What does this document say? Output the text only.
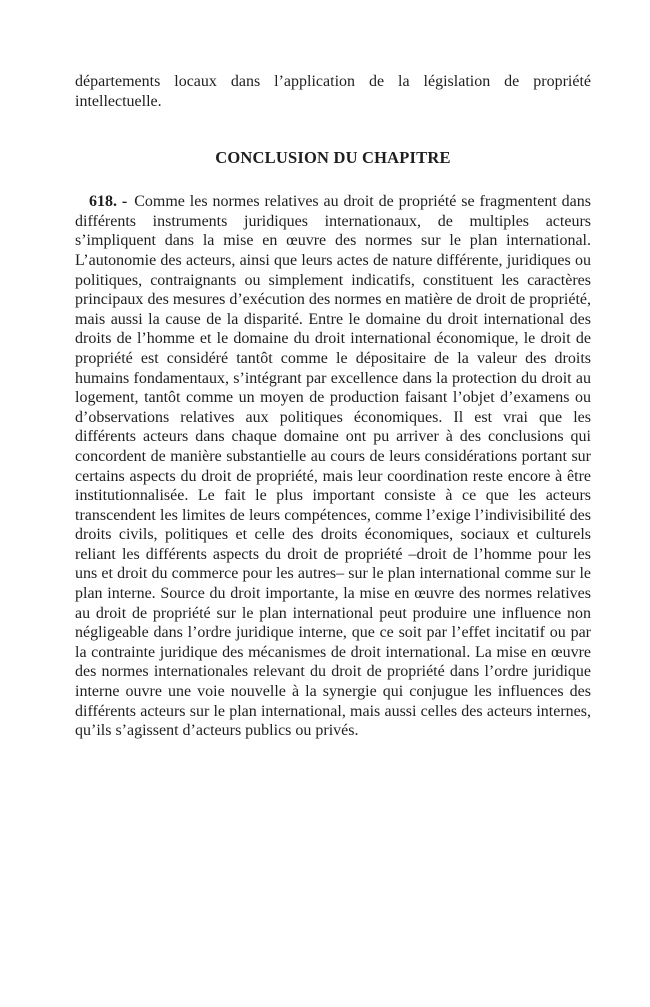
départements locaux dans l’application de la législation de propriété intellectuelle.

CONCLUSION DU CHAPITRE

618. - Comme les normes relatives au droit de propriété se fragmentent dans différents instruments juridiques internationaux, de multiples acteurs s’impliquent dans la mise en œuvre des normes sur le plan international. L’autonomie des acteurs, ainsi que leurs actes de nature différente, juridiques ou politiques, contraignants ou simplement indicatifs, constituent les caractères principaux des mesures d’exécution des normes en matière de droit de propriété, mais aussi la cause de la disparité. Entre le domaine du droit international des droits de l’homme et le domaine du droit international économique, le droit de propriété est considéré tantôt comme le dépositaire de la valeur des droits humains fondamentaux, s’intégrant par excellence dans la protection du droit au logement, tantôt comme un moyen de production faisant l’objet d’examens ou d’observations relatives aux politiques économiques. Il est vrai que les différents acteurs dans chaque domaine ont pu arriver à des conclusions qui concordent de manière substantielle au cours de leurs considérations portant sur certains aspects du droit de propriété, mais leur coordination reste encore à être institutionnalisée. Le fait le plus important consiste à ce que les acteurs transcendent les limites de leurs compétences, comme l’exige l’indivisibilité des droits civils, politiques et celle des droits économiques, sociaux et culturels reliant les différents aspects du droit de propriété –droit de l’homme pour les uns et droit du commerce pour les autres– sur le plan international comme sur le plan interne. Source du droit importante, la mise en œuvre des normes relatives au droit de propriété sur le plan international peut produire une influence non négligeable dans l’ordre juridique interne, que ce soit par l’effet incitatif ou par la contrainte juridique des mécanismes de droit international. La mise en œuvre des normes internationales relevant du droit de propriété dans l’ordre juridique interne ouvre une voie nouvelle à la synergie qui conjugue les influences des différents acteurs sur le plan international, mais aussi celles des acteurs internes, qu’ils s’agissent d’acteurs publics ou privés.
